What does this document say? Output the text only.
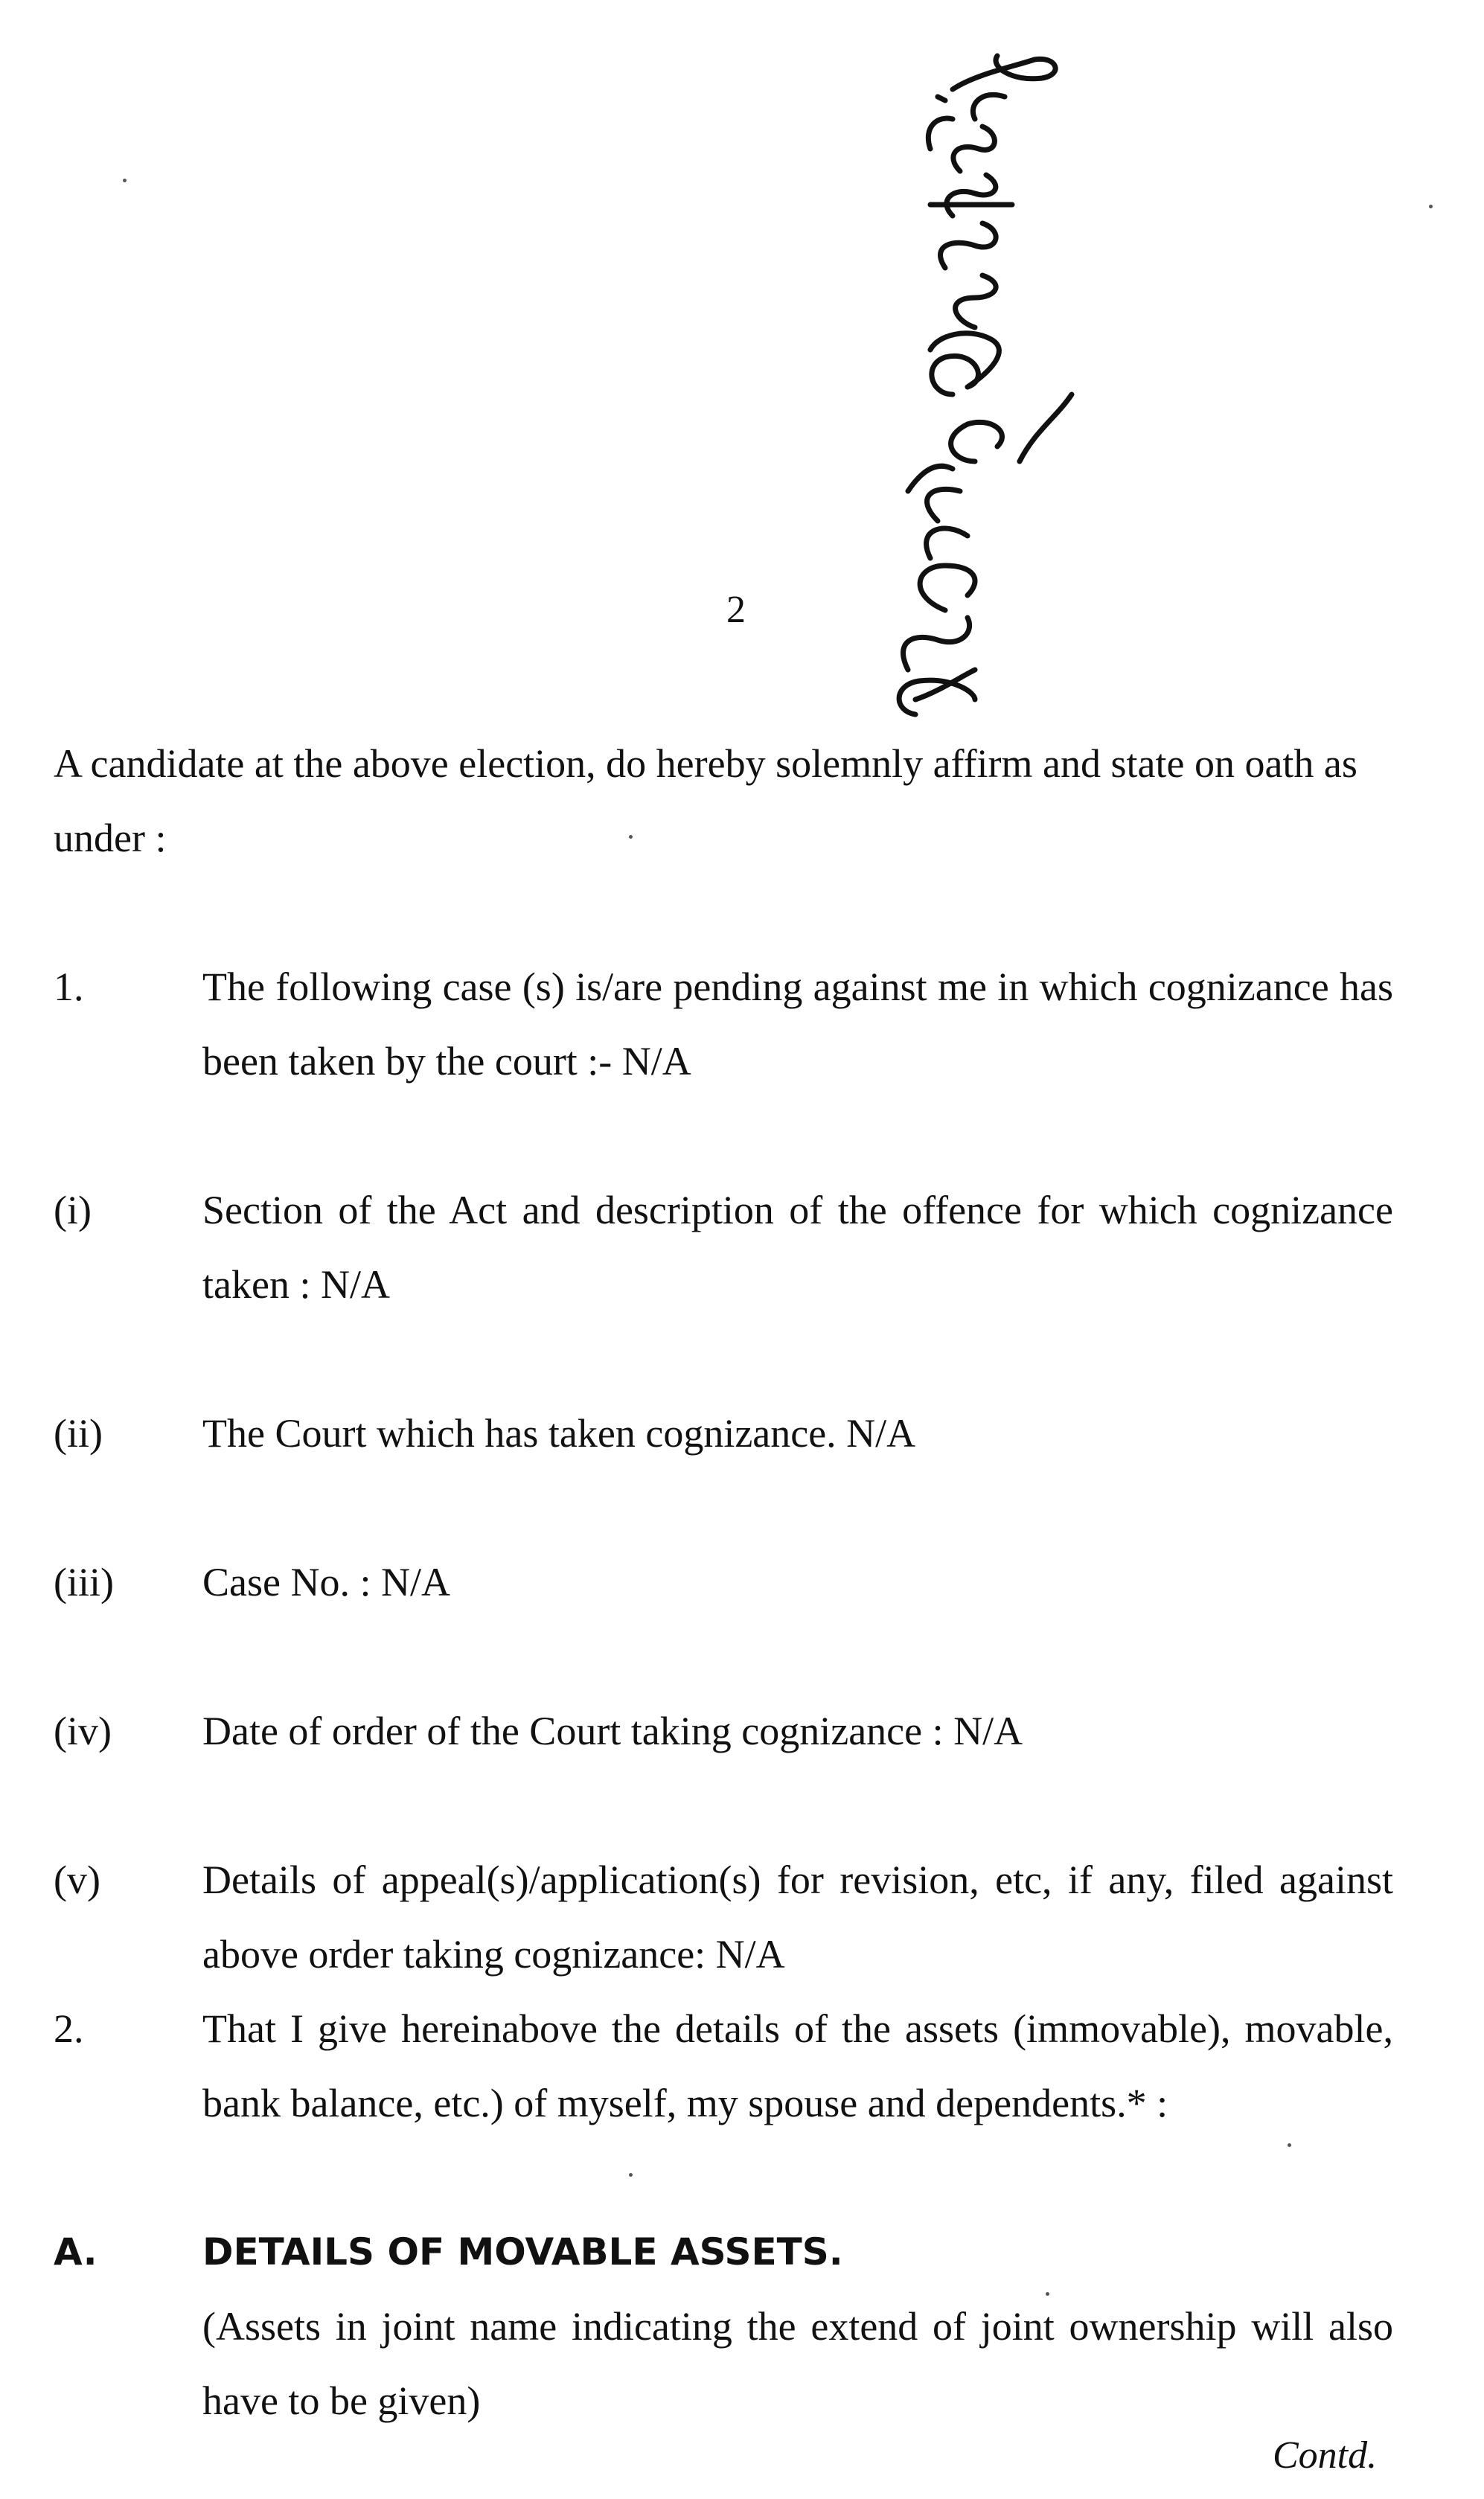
2
A candidate at the above election, do hereby solemnly affirm and state on oath as under :
1.	The following case (s) is/are pending against me in which cognizance has been taken by the court :- N/A
(i)	Section of the Act and description of the offence for which cognizance taken : N/A
(ii) The Court which has taken cognizance. N/A
(iii) Case No. : N/A
(iv) Date of order of the Court taking cognizance : N/A
(v)	Details of appeal(s)/application(s) for revision, etc, if any, filed against above order taking cognizance: N/A
2.	That I give hereinabove the details of the assets (immovable), movable, bank balance, etc.) of myself, my spouse and dependents.* :
A.	DETAILS OF MOVABLE ASSETS.
(Assets in joint name indicating the extend of joint ownership will also have to be given)
Contd.
